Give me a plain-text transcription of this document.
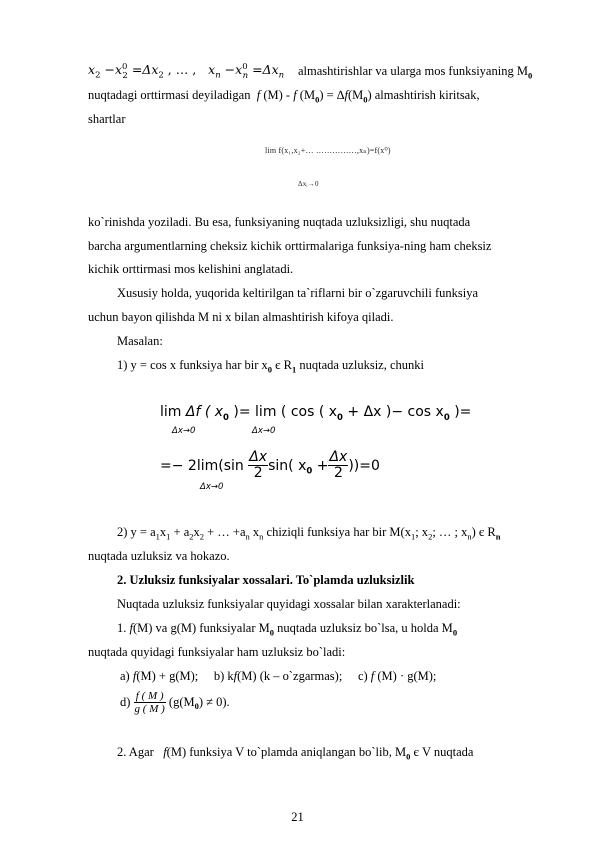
$x_2 -x^0_2 =\Delta x_2$ , … , $x_n -x^0_n =\Delta x_n$ almashtirishlar va ularga mos funksiyaning $M_0$
nuqtadagi orttirmasi deyiladigan f (M) - f $(M_0) = \Delta f(M_0)$ almashtirish kiritsak,
shartlar
lim f(x₁,x₂+… ……………,xₙ)=f(x⁰)
Δxᵢ→0
ko`rinishda yoziladi. Bu esa, funksiyaning nuqtada uzluksizligi, shu nuqtada
barcha argumentlarning cheksiz kichik orttirmalariga funksiya-ning ham cheksiz
kichik orttirmasi mos kelishini anglatadi.
Xususiy holda, yuqorida keltirilgan ta`riflarni bir o`zgaruvchili funksiya
uchun bayon qilishda M ni x bilan almashtirish kifoya qiladi.
Masalan:
1) y = cos x funksiya har bir $x_0$ є $R_1$ nuqtada uzluksiz, chunki
lim Δf ( $x_0$ )= lim ( cos ( $x_0 + \Delta x$ )− $\cos x_0$ )=
Δx→0	Δx→0
=− $2\lim(\sin \frac{\Delta x}{2} \sin$( $x_0 + \frac{\Delta x}{2} ))=0$
Δx→0
2) $y = a_1x_1 + a_2x_2$ + … $+a_n$ $x_n$ chiziqli funksiya har bir $M(x_1$; $x_2$; … ; $x_n$) є $R_n$
nuqtada uzluksiz va hokazo.
2. Uzluksiz funksiyalar xossalari. To`plamda uzluksizlik
Nuqtada uzluksiz funksiyalar quyidagi xossalar bilan xarakterlanadi:
1. f(M) va g(M) funksiyalar $M_0$ nuqtada uzluksiz bo`lsa, u holda $M_0$
nuqtada quyidagi funksiyalar ham uzluksiz bo`ladi:
a) f(M) + g(M); b) kf(M) (k – o`zgarmas); c) f (M) · g(M);
$d) \frac{f ( M )}{g ( M )} (g(M_0) \ne 0)$.
2. Agar f(M) funksiya V to`plamda aniqlangan bo`lib, $M_0$ є V nuqtada
21
